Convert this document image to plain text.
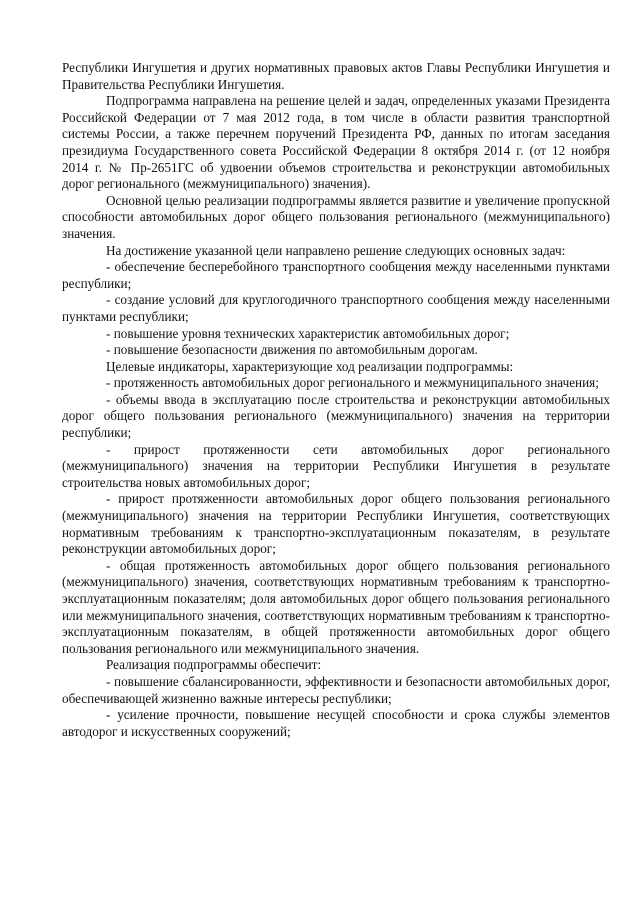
Республики Ингушетия и других нормативных правовых актов Главы Республики Ингушетия и Правительства Республики Ингушетия.

Подпрограмма направлена на решение целей и задач, определенных указами Президента Российской Федерации от 7 мая 2012 года, в том числе в области развития транспортной системы России, а также перечнем поручений Президента РФ, данных по итогам заседания президиума Государственного совета Российской Федерации 8 октября 2014 г. (от 12 ноября 2014 г. № Пр-2651ГС об удвоении объемов строительства и реконструкции автомобильных дорог регионального (межмуниципального) значения).

Основной целью реализации подпрограммы является развитие и увеличение пропускной способности автомобильных дорог общего пользования регионального (межмуниципального) значения.

На достижение указанной цели направлено решение следующих основных задач:

- обеспечение бесперебойного транспортного сообщения между населенными пунктами республики;

- создание условий для круглогодичного транспортного сообщения между населенными пунктами республики;

- повышение уровня технических характеристик автомобильных дорог;

- повышение безопасности движения по автомобильным дорогам.

Целевые индикаторы, характеризующие ход реализации подпрограммы:

- протяженность автомобильных дорог регионального и межмуниципального значения;

- объемы ввода в эксплуатацию после строительства и реконструкции автомобильных дорог общего пользования регионального (межмуниципального) значения на территории республики;

- прирост протяженности сети автомобильных дорог регионального (межмуниципального) значения на территории Республики Ингушетия в результате строительства новых автомобильных дорог;

- прирост протяженности автомобильных дорог общего пользования регионального (межмуниципального) значения на территории Республики Ингушетия, соответствующих нормативным требованиям к транспортно-эксплуатационным показателям, в результате реконструкции автомобильных дорог;

- общая протяженность автомобильных дорог общего пользования регионального (межмуниципального) значения, соответствующих нормативным требованиям к транспортно-эксплуатационным показателям; доля автомобильных дорог общего пользования регионального или межмуниципального значения, соответствующих нормативным требованиям к транспортно-эксплуатационным показателям, в общей протяженности автомобильных дорог общего пользования регионального или межмуниципального значения.

Реализация подпрограммы обеспечит:

- повышение сбалансированности, эффективности и безопасности автомобильных дорог, обеспечивающей жизненно важные интересы республики;

- усиление прочности, повышение несущей способности и срока службы элементов автодорог и искусственных сооружений;
